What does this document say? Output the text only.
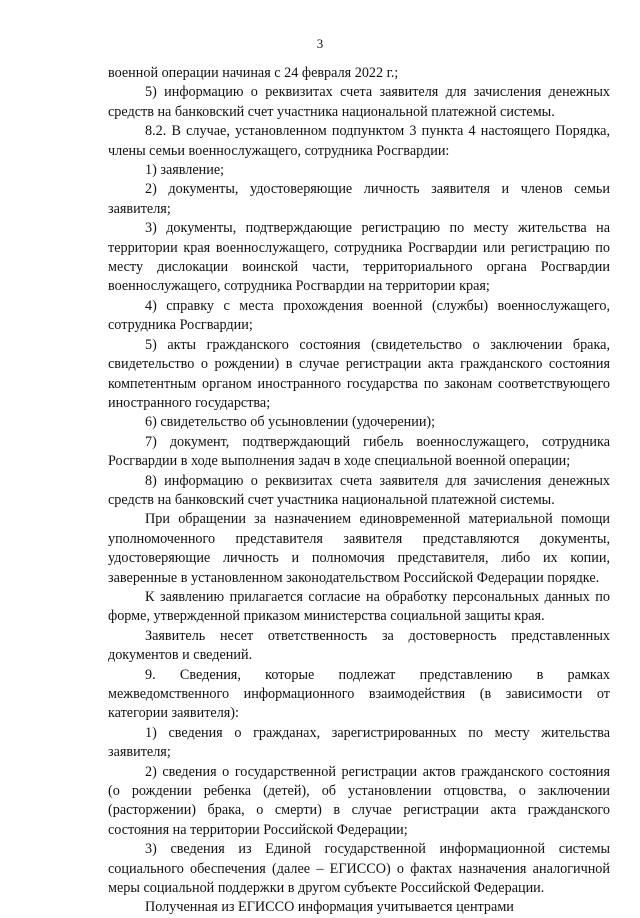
3

военной операции начиная с 24 февраля 2022 г.;

5) информацию о реквизитах счета заявителя для зачисления денежных средств на банковский счет участника национальной платежной системы.

8.2. В случае, установленном подпунктом 3 пункта 4 настоящего Порядка, члены семьи военнослужащего, сотрудника Росгвардии:

1) заявление;

2) документы, удостоверяющие личность заявителя и членов семьи заявителя;

3) документы, подтверждающие регистрацию по месту жительства на территории края военнослужащего, сотрудника Росгвардии или регистрацию по месту дислокации воинской части, территориального органа Росгвардии военнослужащего, сотрудника Росгвардии на территории края;

4) справку с места прохождения военной (службы) военнослужащего, сотрудника Росгвардии;

5) акты гражданского состояния (свидетельство о заключении брака, свидетельство о рождении) в случае регистрации акта гражданского состояния компетентным органом иностранного государства по законам соответствующего иностранного государства;

6) свидетельство об усыновлении (удочерении);

7) документ, подтверждающий гибель военнослужащего, сотрудника Росгвардии в ходе выполнения задач в ходе специальной военной операции;

8) информацию о реквизитах счета заявителя для зачисления денежных средств на банковский счет участника национальной платежной системы.

При обращении за назначением единовременной материальной помощи уполномоченного представителя заявителя представляются документы, удостоверяющие личность и полномочия представителя, либо их копии, заверенные в установленном законодательством Российской Федерации порядке.

К заявлению прилагается согласие на обработку персональных данных по форме, утвержденной приказом министерства социальной защиты края.

Заявитель несет ответственность за достоверность представленных документов и сведений.

9. Сведения, которые подлежат представлению в рамках межведомственного информационного взаимодействия (в зависимости от категории заявителя):

1) сведения о гражданах, зарегистрированных по месту жительства заявителя;

2) сведения о государственной регистрации актов гражданского состояния (о рождении ребенка (детей), об установлении отцовства, о заключении (расторжении) брака, о смерти) в случае регистрации акта гражданского состояния на территории Российской Федерации;

3) сведения из Единой государственной информационной системы социального обеспечения (далее – ЕГИССО) о фактах назначения аналогичной меры социальной поддержки в другом субъекте Российской Федерации.

Полученная из ЕГИССО информация учитывается центрами
